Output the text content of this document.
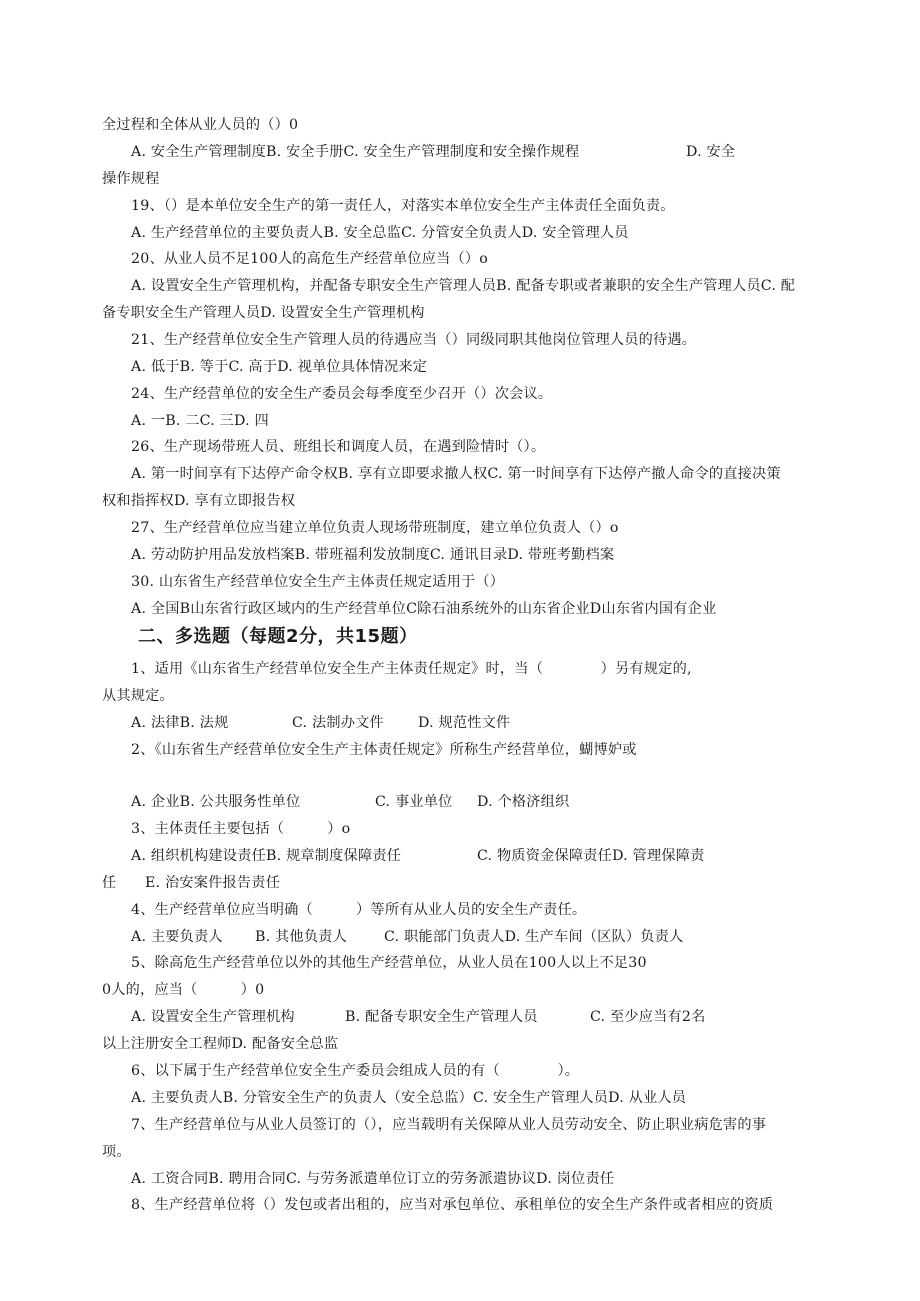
全过程和全体从业人员的（）0
A. 安全生产管理制度B. 安全手册C. 安全生产管理制度和安全操作规程	D. 安全
操作规程
19、（）是本单位安全生产的第一责任人，对落实本单位安全生产主体责任全面负责。
A. 生产经营单位的主要负责人B. 安全总监C. 分管安全负责人D. 安全管理人员
20、从业人员不足100人的高危生产经营单位应当（）o
A. 设置安全生产管理机构，并配备专职安全生产管理人员B. 配备专职或者兼职的安全生产管理人员C. 配
备专职安全生产管理人员D. 设置安全生产管理机构
21、生产经营单位安全生产管理人员的待遇应当（）同级同职其他岗位管理人员的待遇。
A. 低于B. 等于C. 高于D. 视单位具体情况来定
24、生产经营单位的安全生产委员会每季度至少召开（）次会议。
A. 一B. 二C. 三D. 四
26、生产现场带班人员、班组长和调度人员，在遇到险情时（）。
A. 第一时间享有下达停产命令权B. 享有立即要求撤人权C. 第一时间享有下达停产撤人命令的直接决策
权和指挥权D. 享有立即报告权
27、生产经营单位应当建立单位负责人现场带班制度，建立单位负责人（）o
A. 劳动防护用品发放档案B. 带班福利发放制度C. 通讯目录D. 带班考勤档案
30. 山东省生产经营单位安全生产主体责任规定适用于（）
A. 全国B山东省行政区域内的生产经营单位C除石油系统外的山东省企业D山东省内国有企业
二、多选题（每题2分，共15题）
1、适用《山东省生产经营单位安全生产主体责任规定》时，当（　　　　）另有规定的,
从其规定。
A. 法律B. 法规	C. 法制办文件 D. 规范性文件
2、《山东省生产经营单位安全生产主体责任规定》所称生产经营单位，蝴博妒或
A. 企业B. 公共服务性单位	C. 事业单位 D. 个格济组织
3、主体责任主要包括（　　　）o
A. 组织机构建设责任B. 规章制度保障责任	C. 物质资金保障责任D. 管理保障责
任 E. 治安案件报告责任
4、生产经营单位应当明确（　　　）等所有从业人员的安全生产责任。
A. 主要负责人 B. 其他负责人	C. 职能部门负责人D. 生产车间（区队）负责人
5、除高危生产经营单位以外的其他生产经营单位，从业人员在100人以上不足30
0人的，应当（　　　）0
A. 设置安全生产管理机构	B. 配备专职安全生产管理人员	C. 至少应当有2名
以上注册安全工程师D. 配备安全总监
6、以下属于生产经营单位安全生产委员会组成人员的有（　　　　）。
A. 主要负责人B. 分管安全生产的负责人（安全总监）C. 安全生产管理人员D. 从业人员
7、生产经营单位与从业人员签订的（），应当载明有关保障从业人员劳动安全、防止职业病危害的事
项。
A. 工资合同B. 聘用合同C. 与劳务派遣单位订立的劳务派遣协议D. 岗位责任
8、生产经营单位将（）发包或者出租的，应当对承包单位、承租单位的安全生产条件或者相应的资质
